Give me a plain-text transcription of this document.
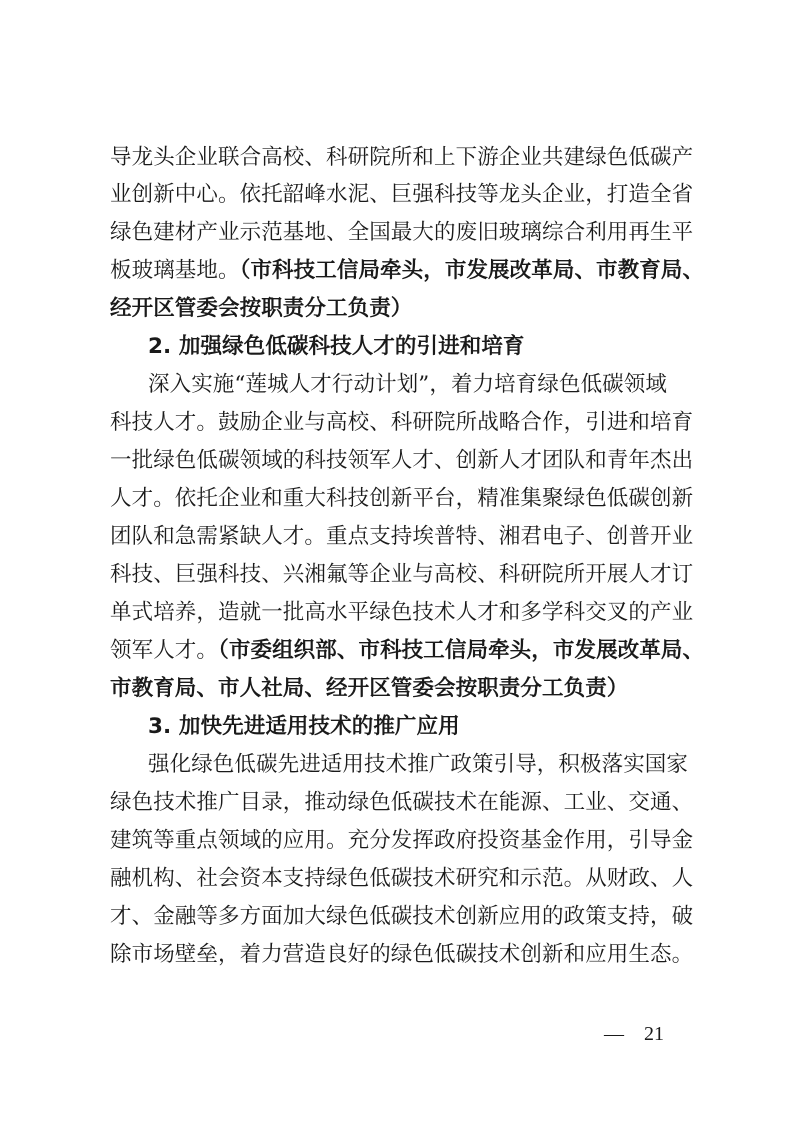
导龙头企业联合高校、科研院所和上下游企业共建绿色低碳产
业创新中心。依托韶峰水泥、巨强科技等龙头企业，打造全省
绿色建材产业示范基地、全国最大的废旧玻璃综合利用再生平
板玻璃基地。（市科技工信局牵头，市发展改革局、市教育局、
经开区管委会按职责分工负责）
2. 加强绿色低碳科技人才的引进和培育
深入实施“莲城人才行动计划”，着力培育绿色低碳领域
科技人才。鼓励企业与高校、科研院所战略合作，引进和培育
一批绿色低碳领域的科技领军人才、创新人才团队和青年杰出
人才。依托企业和重大科技创新平台，精准集聚绿色低碳创新
团队和急需紧缺人才。重点支持埃普特、湘君电子、创普开业
科技、巨强科技、兴湘氟等企业与高校、科研院所开展人才订
单式培养，造就一批高水平绿色技术人才和多学科交叉的产业
领军人才。（市委组织部、市科技工信局牵头，市发展改革局、
市教育局、市人社局、经开区管委会按职责分工负责）
3. 加快先进适用技术的推广应用
强化绿色低碳先进适用技术推广政策引导，积极落实国家
绿色技术推广目录，推动绿色低碳技术在能源、工业、交通、
建筑等重点领域的应用。充分发挥政府投资基金作用，引导金
融机构、社会资本支持绿色低碳技术研究和示范。从财政、人
才、金融等多方面加大绿色低碳技术创新应用的政策支持，破
除市场壁垒，着力营造良好的绿色低碳技术创新和应用生态。
—　21
